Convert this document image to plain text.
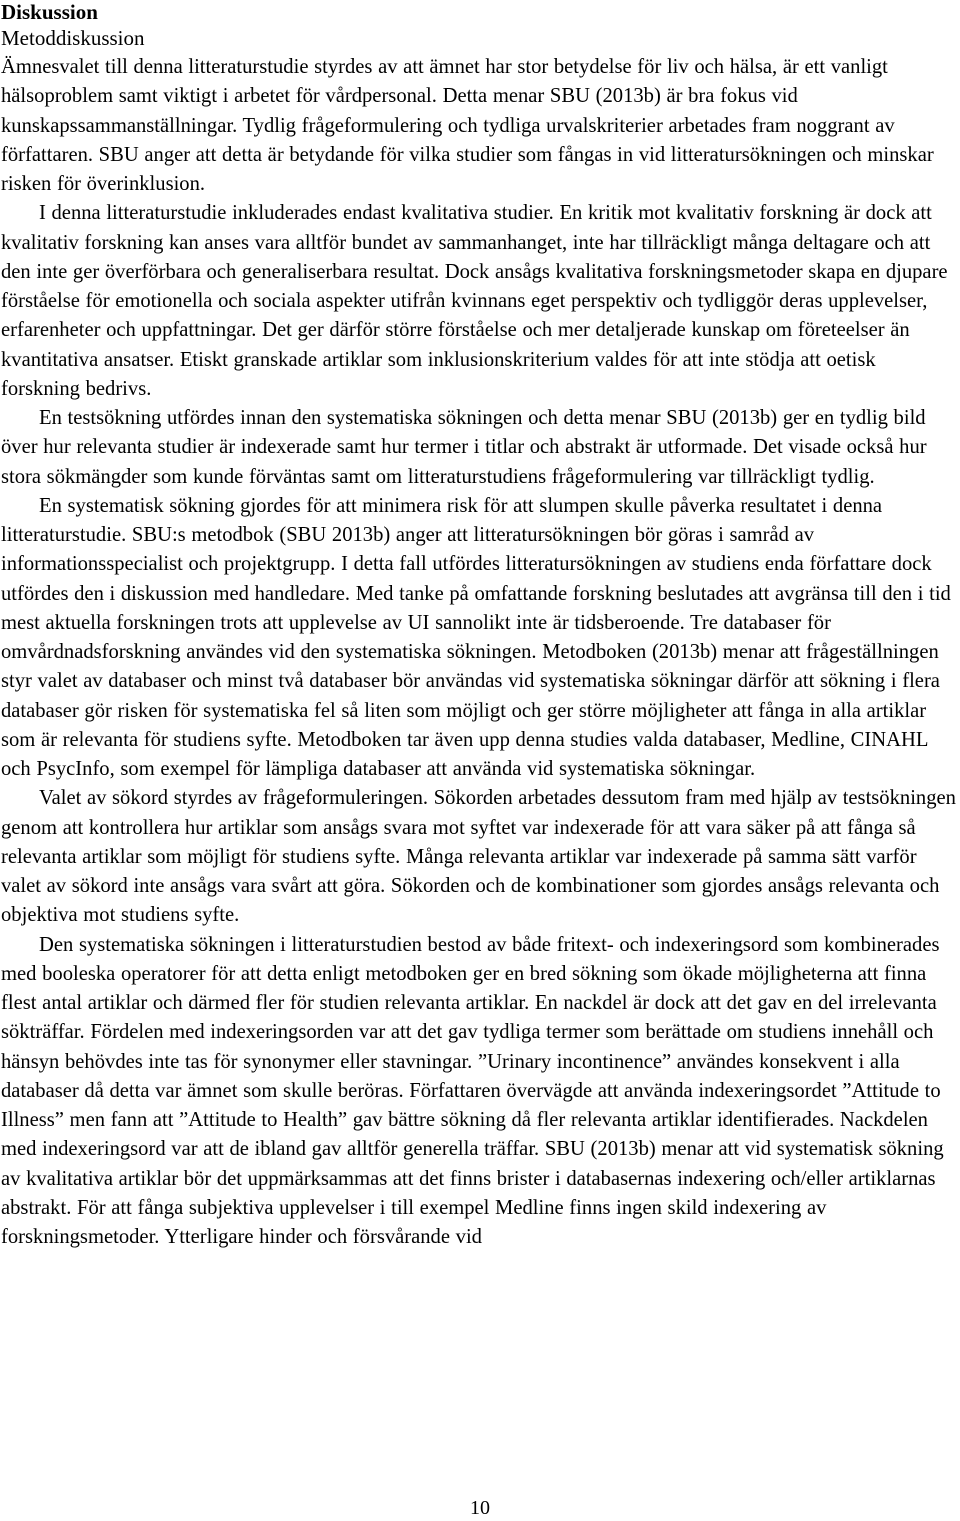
Diskussion
Metoddiskussion

Ämnesvalet till denna litteraturstudie styrdes av att ämnet har stor betydelse för liv och hälsa, är ett vanligt hälsoproblem samt viktigt i arbetet för vårdpersonal. Detta menar SBU (2013b) är bra fokus vid kunskapssammanställningar. Tydlig frågeformulering och tydliga urvalskriterier arbetades fram noggrant av författaren. SBU anger att detta är betydande för vilka studier som fångas in vid litteratursökningen och minskar risken för överinklusion.

I denna litteraturstudie inkluderades endast kvalitativa studier. En kritik mot kvalitativ forskning är dock att kvalitativ forskning kan anses vara alltför bundet av sammanhanget, inte har tillräckligt många deltagare och att den inte ger överförbara och generaliserbara resultat. Dock ansågs kvalitativa forskningsmetoder skapa en djupare förståelse för emotionella och sociala aspekter utifrån kvinnans eget perspektiv och tydliggör deras upplevelser, erfarenheter och uppfattningar. Det ger därför större förståelse och mer detaljerade kunskap om företeelser än kvantitativa ansatser. Etiskt granskade artiklar som inklusionskriterium valdes för att inte stödja att oetisk forskning bedrivs.

En testsökning utfördes innan den systematiska sökningen och detta menar SBU (2013b) ger en tydlig bild över hur relevanta studier är indexerade samt hur termer i titlar och abstrakt är utformade. Det visade också hur stora sökmängder som kunde förväntas samt om litteraturstudiens frågeformulering var tillräckligt tydlig.

En systematisk sökning gjordes för att minimera risk för att slumpen skulle påverka resultatet i denna litteraturstudie. SBU:s metodbok (SBU 2013b) anger att litteratursökningen bör göras i samråd av informationsspecialist och projektgrupp. I detta fall utfördes litteratursökningen av studiens enda författare dock utfördes den i diskussion med handledare. Med tanke på omfattande forskning beslutades att avgränsa till den i tid mest aktuella forskningen trots att upplevelse av UI sannolikt inte är tidsberoende. Tre databaser för omvårdnadsforskning användes vid den systematiska sökningen. Metodboken (2013b) menar att frågeställningen styr valet av databaser och minst två databaser bör användas vid systematiska sökningar därför att sökning i flera databaser gör risken för systematiska fel så liten som möjligt och ger större möjligheter att fånga in alla artiklar som är relevanta för studiens syfte. Metodboken tar även upp denna studies valda databaser, Medline, CINAHL och PsycInfo, som exempel för lämpliga databaser att använda vid systematiska sökningar.

Valet av sökord styrdes av frågeformuleringen. Sökorden arbetades dessutom fram med hjälp av testsökningen genom att kontrollera hur artiklar som ansågs svara mot syftet var indexerade för att vara säker på att fånga så relevanta artiklar som möjligt för studiens syfte. Många relevanta artiklar var indexerade på samma sätt varför valet av sökord inte ansågs vara svårt att göra. Sökorden och de kombinationer som gjordes ansågs relevanta och objektiva mot studiens syfte.

Den systematiska sökningen i litteraturstudien bestod av både fritext- och indexeringsord som kombinerades med booleska operatorer för att detta enligt metodboken ger en bred sökning som ökade möjligheterna att finna flest antal artiklar och därmed fler för studien relevanta artiklar. En nackdel är dock att det gav en del irrelevanta sökträffar. Fördelen med indexeringsorden var att det gav tydliga termer som berättade om studiens innehåll och hänsyn behövdes inte tas för synonymer eller stavningar. ”Urinary incontinence” användes konsekvent i alla databaser då detta var ämnet som skulle beröras. Författaren övervägde att använda indexeringsordet ”Attitude to Illness” men fann att ”Attitude to Health” gav bättre sökning då fler relevanta artiklar identifierades. Nackdelen med indexeringsord var att de ibland gav alltför generella träffar. SBU (2013b) menar att vid systematisk sökning av kvalitativa artiklar bör det uppmärksammas att det finns brister i databasernas indexering och/eller artiklarnas abstrakt. För att fånga subjektiva upplevelser i till exempel Medline finns ingen skild indexering av forskningsmetoder. Ytterligare hinder och försvårande vid

10
